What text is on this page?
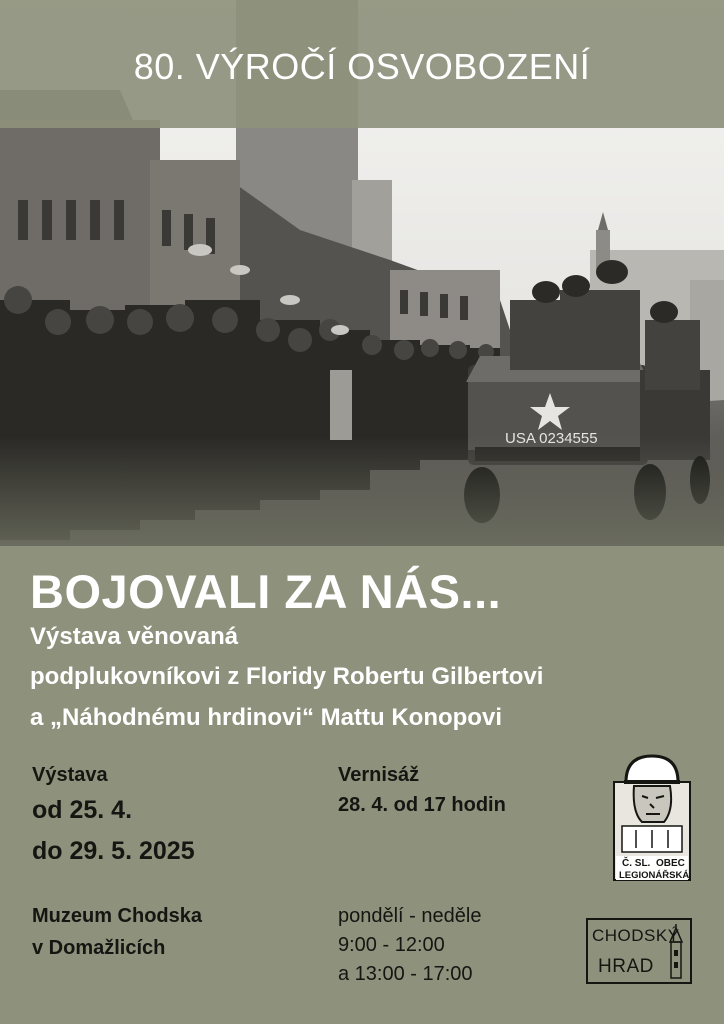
80. VÝROČÍ OSVOBOZENÍ
BOJOVALI ZA NÁS...
Výstava věnovaná
podplukovníkovi z Floridy Robertu Gilbertovi
a „Náhodnému hrdinovi“ Mattu Konopovi
Výstava
od 25. 4.
do 29. 5. 2025
Vernisáž
28. 4. od 17 hodin
Muzeum Chodska
v Domažlicích
pondělí - neděle
9:00 - 12:00
a 13:00 - 17:00
Č. SL. OBEC
LEGIONÁŘSKÁ
CHODSKÝ
HRAD
